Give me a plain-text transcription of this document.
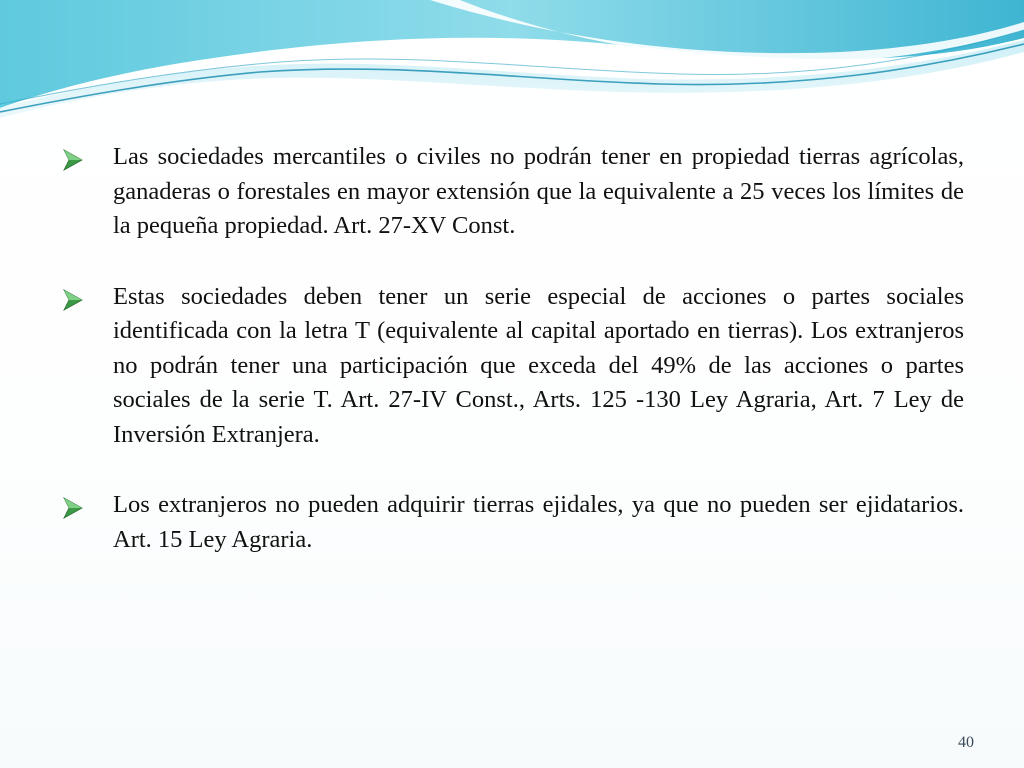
Las sociedades mercantiles o civiles no podrán tener en propiedad tierras agrícolas, ganaderas o forestales en mayor extensión que la equivalente a 25 veces los límites de la pequeña propiedad. Art. 27-XV Const.

Estas sociedades deben tener un serie especial de acciones o partes sociales identificada con la letra T (equivalente al capital aportado en tierras). Los extranjeros no podrán tener una participación que exceda del 49% de las acciones o partes sociales de la serie T. Art. 27-IV Const., Arts. 125 -130 Ley Agraria, Art. 7 Ley de Inversión Extranjera.

Los extranjeros no pueden adquirir tierras ejidales, ya que no pueden ser ejidatarios. Art. 15 Ley Agraria.

40
